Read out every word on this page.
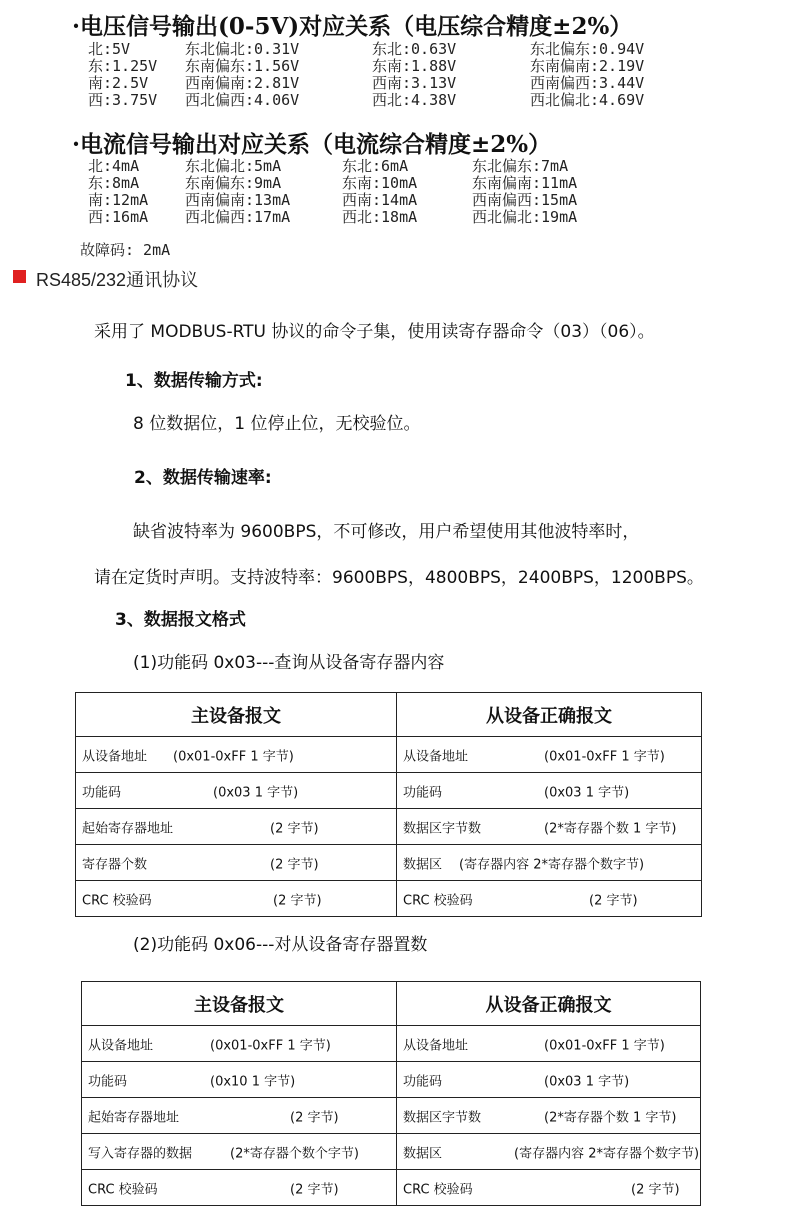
·电压信号输出(0-5V)对应关系（电压综合精度±2%）
北:5V	东北偏北:0.31V	东北:0.63V	东北偏东:0.94V
东:1.25V 东南偏东:1.56V	东南:1.88V	东南偏南:2.19V
南:2.5V 西南偏南:2.81V	西南:3.13V	西南偏西:3.44V
西:3.75V 西北偏西:4.06V	西北:4.38V	西北偏北:4.69V
·电流信号输出对应关系（电流综合精度±2%）
北:4mA	东北偏北:5mA	东北:6mA	东北偏东:7mA
东:8mA	东南偏东:9mA	东南:10mA	东南偏南:11mA
南:12mA 西南偏南:13mA	西南:14mA	西南偏西:15mA
西:16mA 西北偏西:17mA	西北:18mA	西北偏北:19mA
故障码: 2mA
RS485/232通讯协议
采用了 MODBUS-RTU 协议的命令子集，使用读寄存器命令（03）（06）。
1、数据传输方式:
8 位数据位，1 位停止位，无校验位。
2、数据传输速率:
缺省波特率为 9600BPS，不可修改，用户希望使用其他波特率时，
请在定货时声明。支持波特率：9600BPS，4800BPS，2400BPS，1200BPS。
3、数据报文格式
(1)功能码 0x03---查询从设备寄存器内容
主设备报文	从设备正确报文

从设备地址 (0x01-0xFF 1 字节)	从设备地址 (0x01-0xFF 1 字节)

功能码 (0x03 1 字节)	功能码 (0x03 1 字节)

起始寄存器地址 (2 字节)	数据区字节数 (2*寄存器个数 1 字节)

寄存器个数 (2 字节)	数据区 (寄存器内容 2*寄存器个数字节)

CRC 校验码 (2 字节)	CRC 校验码 (2 字节)
(2)功能码 0x06---对从设备寄存器置数
主设备报文	从设备正确报文

从设备地址 (0x01-0xFF 1 字节)	从设备地址 (0x01-0xFF 1 字节)

功能码 (0x10 1 字节)	功能码 (0x03 1 字节)

起始寄存器地址 (2 字节)	数据区字节数 (2*寄存器个数 1 字节)

写入寄存器的数据 (2*寄存器个数个字节)	数据区 (寄存器内容 2*寄存器个数字节)

CRC 校验码 (2 字节)	CRC 校验码 (2 字节)
